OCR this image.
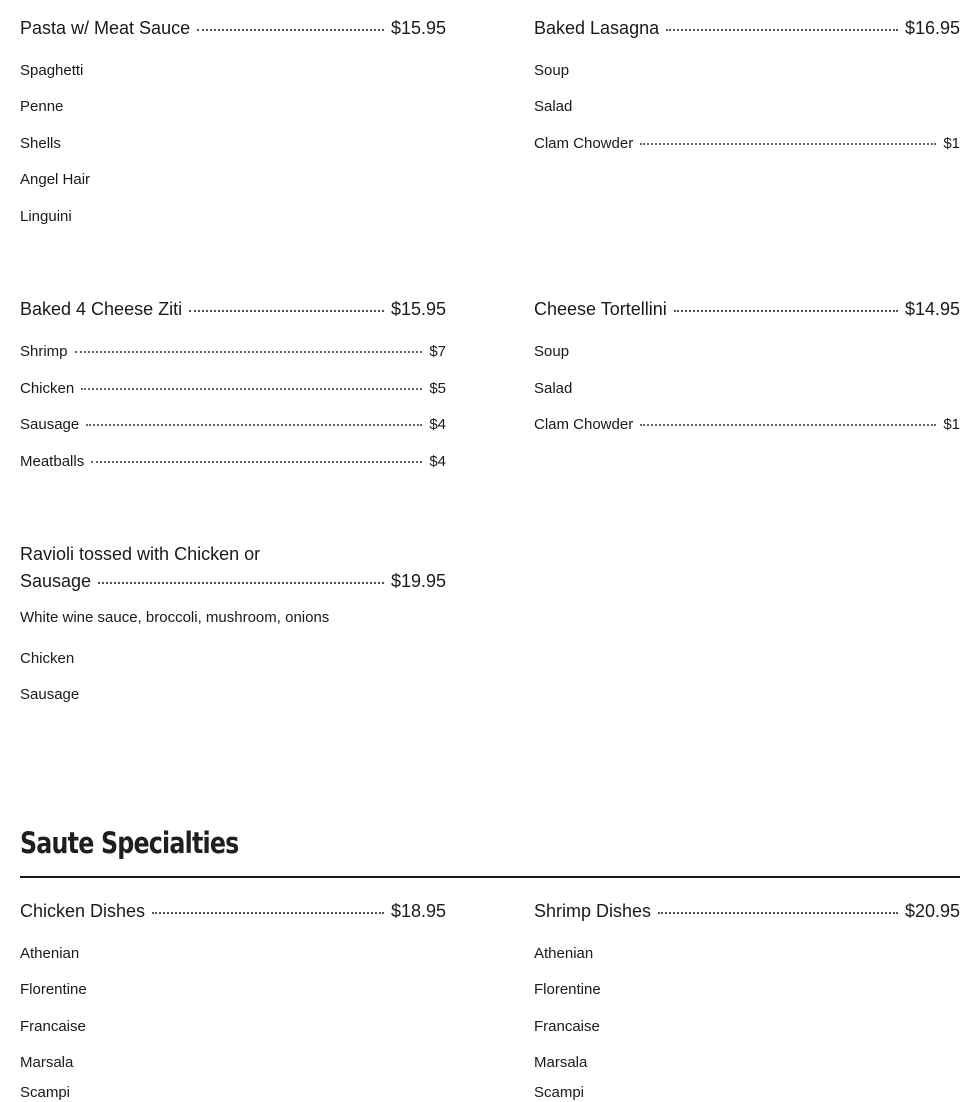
Pasta w/ Meat Sauce	$15.95
Spaghetti
Penne
Shells
Angel Hair
Linguini
Baked Lasagna	$16.95
Soup
Salad
Clam Chowder	$1
Baked 4 Cheese Ziti	$15.95
Shrimp	$7
Chicken	$5
Sausage	$4
Meatballs	$4
Cheese Tortellini	$14.95
Soup
Salad
Clam Chowder	$1
Ravioli tossed with Chicken or
Sausage	$19.95
White wine sauce, broccoli, mushroom, onions
Chicken
Sausage
Saute Specialties
Chicken Dishes	$18.95
Athenian
Florentine
Francaise
Marsala
Scampi
Shrimp Dishes	$20.95
Athenian
Florentine
Francaise
Marsala
Scampi
